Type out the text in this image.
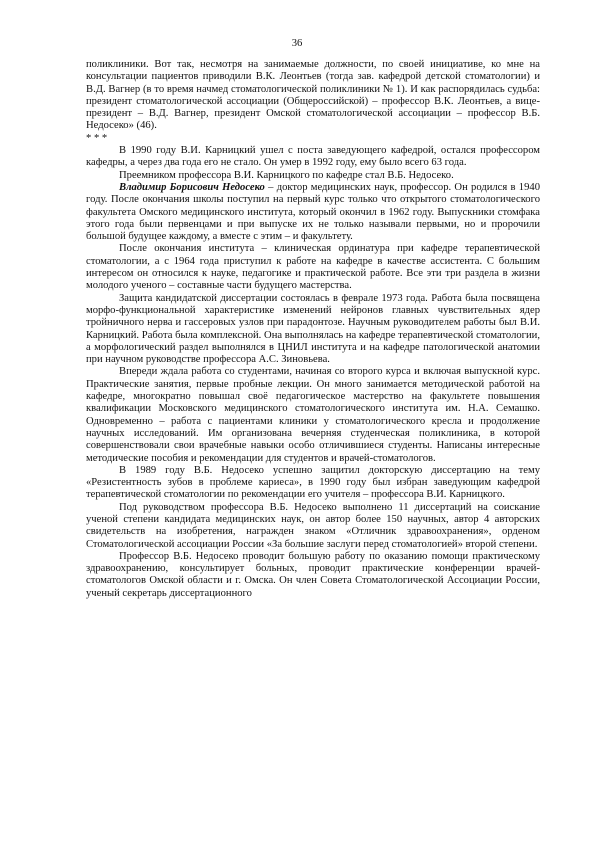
36

поликлиники. Вот так, несмотря на занимаемые должности, по своей инициативе, ко мне на консультации пациентов приводили В.К. Леонтьев (тогда зав. кафедрой детской стоматологии) и В.Д. Вагнер (в то время начмед стоматологической поликлиники № 1). И как распорядилась судьба: президент стоматологической ассоциации (Общероссийской) – профессор В.К. Леонтьев, а вице-президент – В.Д. Вагнер, президент Омской стоматологической ассоциации – профессор В.Б. Недосеко» (46).

* * *

В 1990 году В.И. Карницкий ушел с поста заведующего кафедрой, остался профессором кафедры, а через два года его не стало. Он умер в 1992 году, ему было всего 63 года.

Преемником профессора В.И. Карницкого по кафедре стал В.Б. Недосеко.

Владимир Борисович Недосеко – доктор медицинских наук, профессор. Он родился в 1940 году. После окончания школы поступил на первый курс только что открытого стоматологического факультета Омского медицинского института, который окончил в 1962 году. Выпускники стомфака этого года были первенцами и при выпуске их не только называли первыми, но и пророчили большой будущее каждому, а вместе с этим – и факультету.

После окончания института – клиническая ординатура при кафедре терапевтической стоматологии, а с 1964 года приступил к работе на кафедре в качестве ассистента. С большим интересом он относился к науке, педагогике и практической работе. Все эти три раздела в жизни молодого ученого – составные части будущего мастерства.

Защита кандидатской диссертации состоялась в феврале 1973 года. Работа была посвящена морфо-функциональной характеристике изменений нейронов главных чувствительных ядер тройничного нерва и гассеровых узлов при парадонтозе. Научным руководителем работы был В.И. Карницкий. Работа была комплексной. Она выполнялась на кафедре терапевтической стоматологии, а морфологический раздел выполнялся в ЦНИЛ института и на кафедре патологической анатомии при научном руководстве профессора А.С. Зиновьева.

Впереди ждала работа со студентами, начиная со второго курса и включая выпускной курс. Практические занятия, первые пробные лекции. Он много занимается методической работой на кафедре, многократно повышал своё педагогическое мастерство на факультете повышения квалификации Московского медицинского стоматологического института им. Н.А. Семашко. Одновременно – работа с пациентами клиники у стоматологического кресла и продолжение научных исследований. Им организована вечерняя студенческая поликлиника, в которой совершенствовали свои врачебные навыки особо отличившиеся студенты. Написаны интересные методические пособия и рекомендации для студентов и врачей-стоматологов.

В 1989 году В.Б. Недосеко успешно защитил докторскую диссертацию на тему «Резистентность зубов в проблеме кариеса», в 1990 году был избран заведующим кафедрой терапевтической стоматологии по рекомендации его учителя – профессора В.И. Карницкого.

Под руководством профессора В.Б. Недосеко выполнено 11 диссертаций на соискание ученой степени кандидата медицинских наук, он автор более 150 научных, автор 4 авторских свидетельств на изобретения, награжден знаком «Отличник здравоохранения», орденом Стоматологической ассоциации России «За большие заслуги перед стоматологией» второй степени.

Профессор В.Б. Недосеко проводит большую работу по оказанию помощи практическому здравоохранению, консультирует больных, проводит практические конференции врачей-стоматологов Омской области и г. Омска. Он член Совета Стоматологической Ассоциации России, ученый секретарь диссертационного
